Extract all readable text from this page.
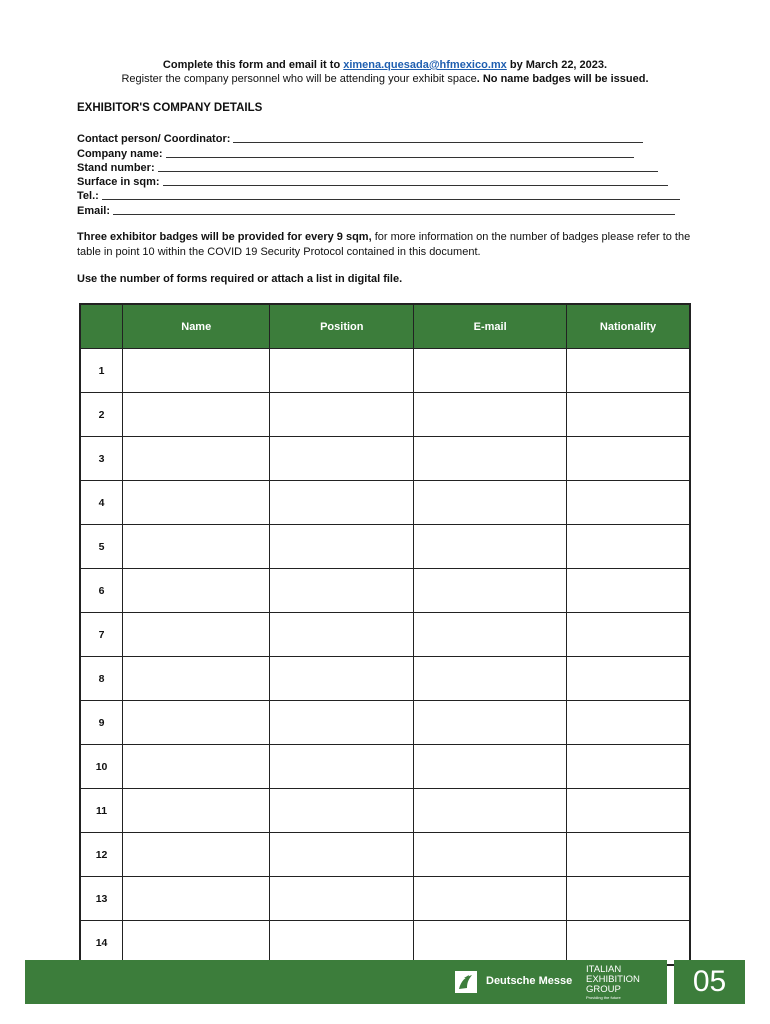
Complete this form and email it to ximena.quesada@hfmexico.mx by March 22, 2023.
Register the company personnel who will be attending your exhibit space. No name badges will be issued.
EXHIBITOR'S COMPANY DETAILS
Contact person/ Coordinator:
Company name:
Stand number:
Surface in sqm:
Tel.:
Email:
Three exhibitor badges will be provided for every 9 sqm, for more information on the number of badges please refer to the table in point 10 within the COVID 19 Security Protocol contained in this document.
Use the number of forms required or attach a list in digital file.
	Name	Position	E-mail	Nationality
1				
2				
3				
4				
5				
6				
7				
8				
9				
10				
11				
12				
13				
14				
Deutsche Messe
ITALIAN
EXHIBITION
GROUP
Providing the future	05
